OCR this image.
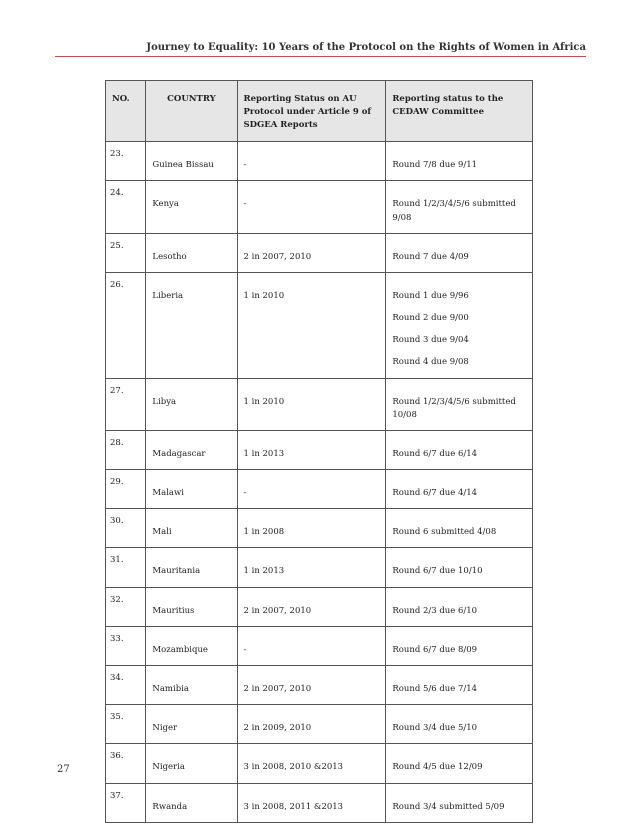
Journey to Equality: 10 Years of the Protocol on the Rights of Women in Africa
NO.	COUNTRY	Reporting Status on AU Protocol under Article 9 of SDGEA Reports	Reporting status to the CEDAW Committee

23.	Guinea Bissau	-	Round 7/8 due 9/11

24.	Kenya	-	Round 1/2/3/4/5/6 submitted 9/08

25.	Lesotho	2 in 2007, 2010	Round 7 due 4/09

26.	Liberia	1 in 2010	Round 1 due 9/96
Round 2 due 9/00
Round 3 due 9/04
Round 4 due 9/08

27.	Libya	1 in 2010	Round 1/2/3/4/5/6 submitted 10/08

28.	Madagascar	1 in 2013	Round 6/7 due 6/14

29.	Malawi	-	Round 6/7 due 4/14

30.	Mali	1 in 2008	Round 6 submitted 4/08

31.	Mauritania	1 in 2013	Round 6/7 due 10/10

32.	Mauritius	2 in 2007, 2010	Round 2/3 due 6/10

33.	Mozambique	-	Round 6/7 due 8/09

34.	Namibia	2 in 2007, 2010	Round 5/6 due 7/14

35.	Niger	2 in 2009, 2010	Round 3/4 due 5/10

36.	Nigeria	3 in 2008, 2010 &2013	Round 4/5 due 12/09

37.	Rwanda	3 in 2008, 2011 &2013	Round 3/4 submitted 5/09
27
